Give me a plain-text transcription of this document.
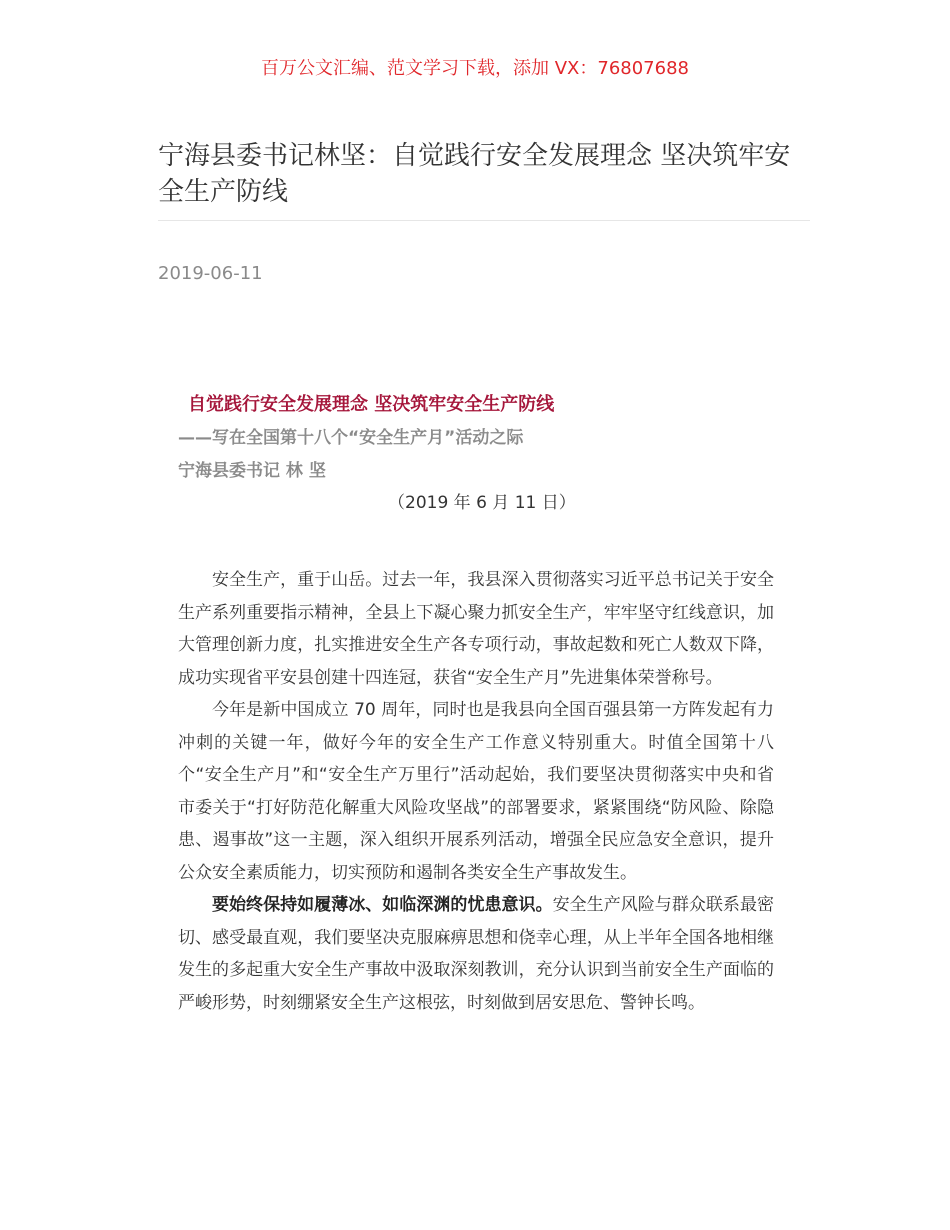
百万公文汇编、范文学习下载，添加 VX：76807688
宁海县委书记林坚：自觉践行安全发展理念 坚决筑牢安全生产防线
2019-06-11
自觉践行安全发展理念 坚决筑牢安全生产防线
——写在全国第十八个“安全生产月”活动之际
宁海县委书记 林 坚
（2019 年 6 月 11 日）

安全生产，重于山岳。过去一年，我县深入贯彻落实习近平总书记关于安全生产系列重要指示精神，全县上下凝心聚力抓安全生产，牢牢坚守红线意识，加大管理创新力度，扎实推进安全生产各专项行动，事故起数和死亡人数双下降，成功实现省平安县创建十四连冠，获省“安全生产月”先进集体荣誉称号。

今年是新中国成立 70 周年，同时也是我县向全国百强县第一方阵发起有力冲刺的关键一年，做好今年的安全生产工作意义特别重大。时值全国第十八个“安全生产月”和“安全生产万里行”活动起始，我们要坚决贯彻落实中央和省市委关于“打好防范化解重大风险攻坚战”的部署要求，紧紧围绕“防风险、除隐患、遏事故”这一主题，深入组织开展系列活动，增强全民应急安全意识，提升公众安全素质能力，切实预防和遏制各类安全生产事故发生。

要始终保持如履薄冰、如临深渊的忧患意识。安全生产风险与群众联系最密切、感受最直观，我们要坚决克服麻痹思想和侥幸心理，从上半年全国各地相继发生的多起重大安全生产事故中汲取深刻教训，充分认识到当前安全生产面临的严峻形势，时刻绷紧安全生产这根弦，时刻做到居安思危、警钟长鸣。
